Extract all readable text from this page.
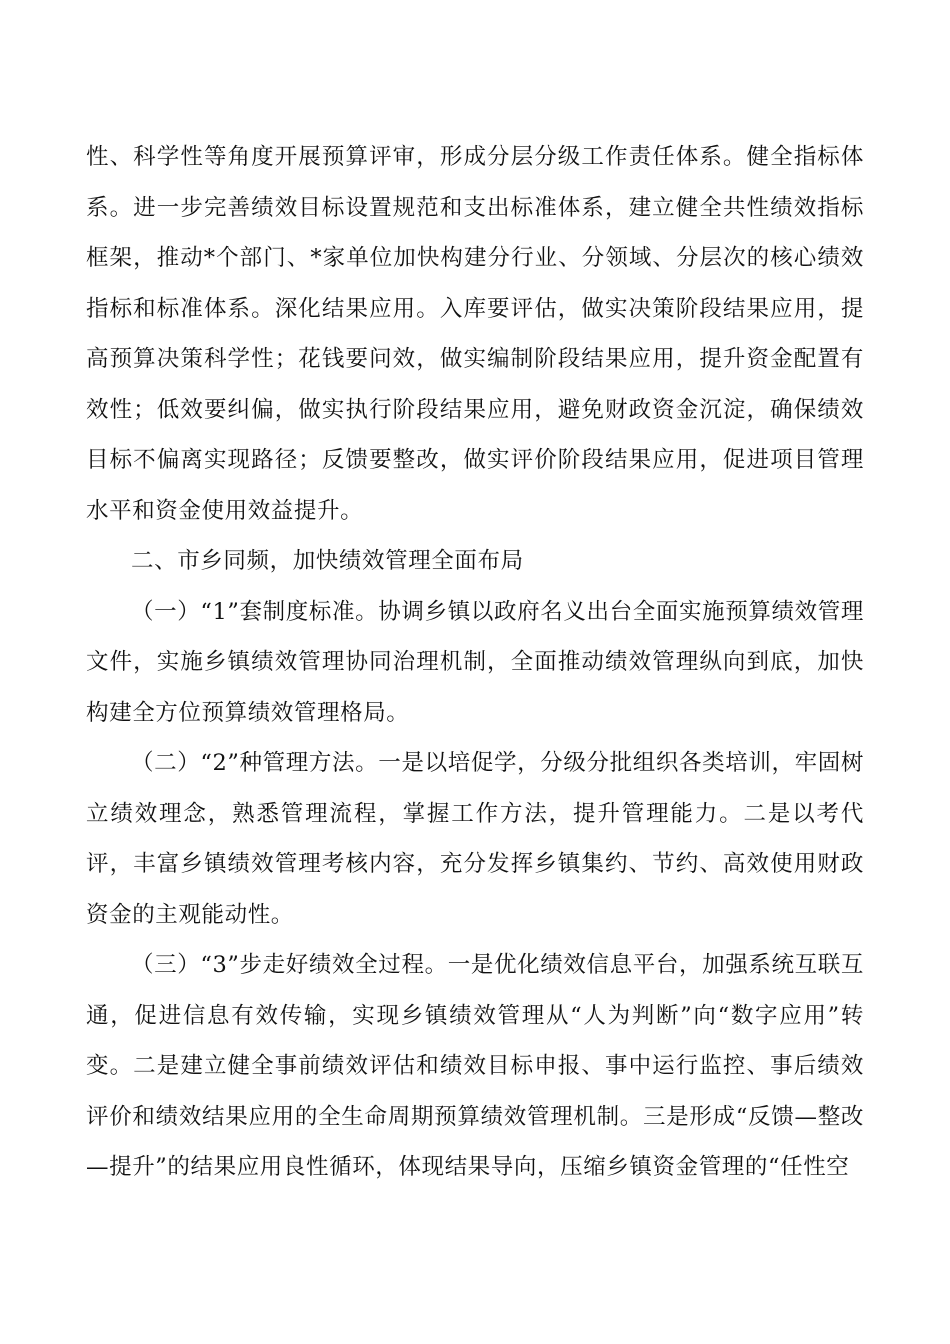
性、科学性等角度开展预算评审，形成分层分级工作责任体系。健全指标体系。进一步完善绩效目标设置规范和支出标准体系，建立健全共性绩效指标框架，推动*个部门、*家单位加快构建分行业、分领域、分层次的核心绩效指标和标准体系。深化结果应用。入库要评估，做实决策阶段结果应用，提高预算决策科学性；花钱要问效，做实编制阶段结果应用，提升资金配置有效性；低效要纠偏，做实执行阶段结果应用，避免财政资金沉淀，确保绩效目标不偏离实现路径；反馈要整改，做实评价阶段结果应用，促进项目管理水平和资金使用效益提升。

二、市乡同频，加快绩效管理全面布局

（一）“1”套制度标准。协调乡镇以政府名义出台全面实施预算绩效管理文件，实施乡镇绩效管理协同治理机制，全面推动绩效管理纵向到底，加快构建全方位预算绩效管理格局。

（二）“2”种管理方法。一是以培促学，分级分批组织各类培训，牢固树立绩效理念，熟悉管理流程，掌握工作方法，提升管理能力。二是以考代评，丰富乡镇绩效管理考核内容，充分发挥乡镇集约、节约、高效使用财政资金的主观能动性。

（三）“3”步走好绩效全过程。一是优化绩效信息平台，加强系统互联互通，促进信息有效传输，实现乡镇绩效管理从“人为判断”向“数字应用”转变。二是建立健全事前绩效评估和绩效目标申报、事中运行监控、事后绩效评价和绩效结果应用的全生命周期预算绩效管理机制。三是形成“反馈—整改—提升”的结果应用良性循环，体现结果导向，压缩乡镇资金管理的“任性空
